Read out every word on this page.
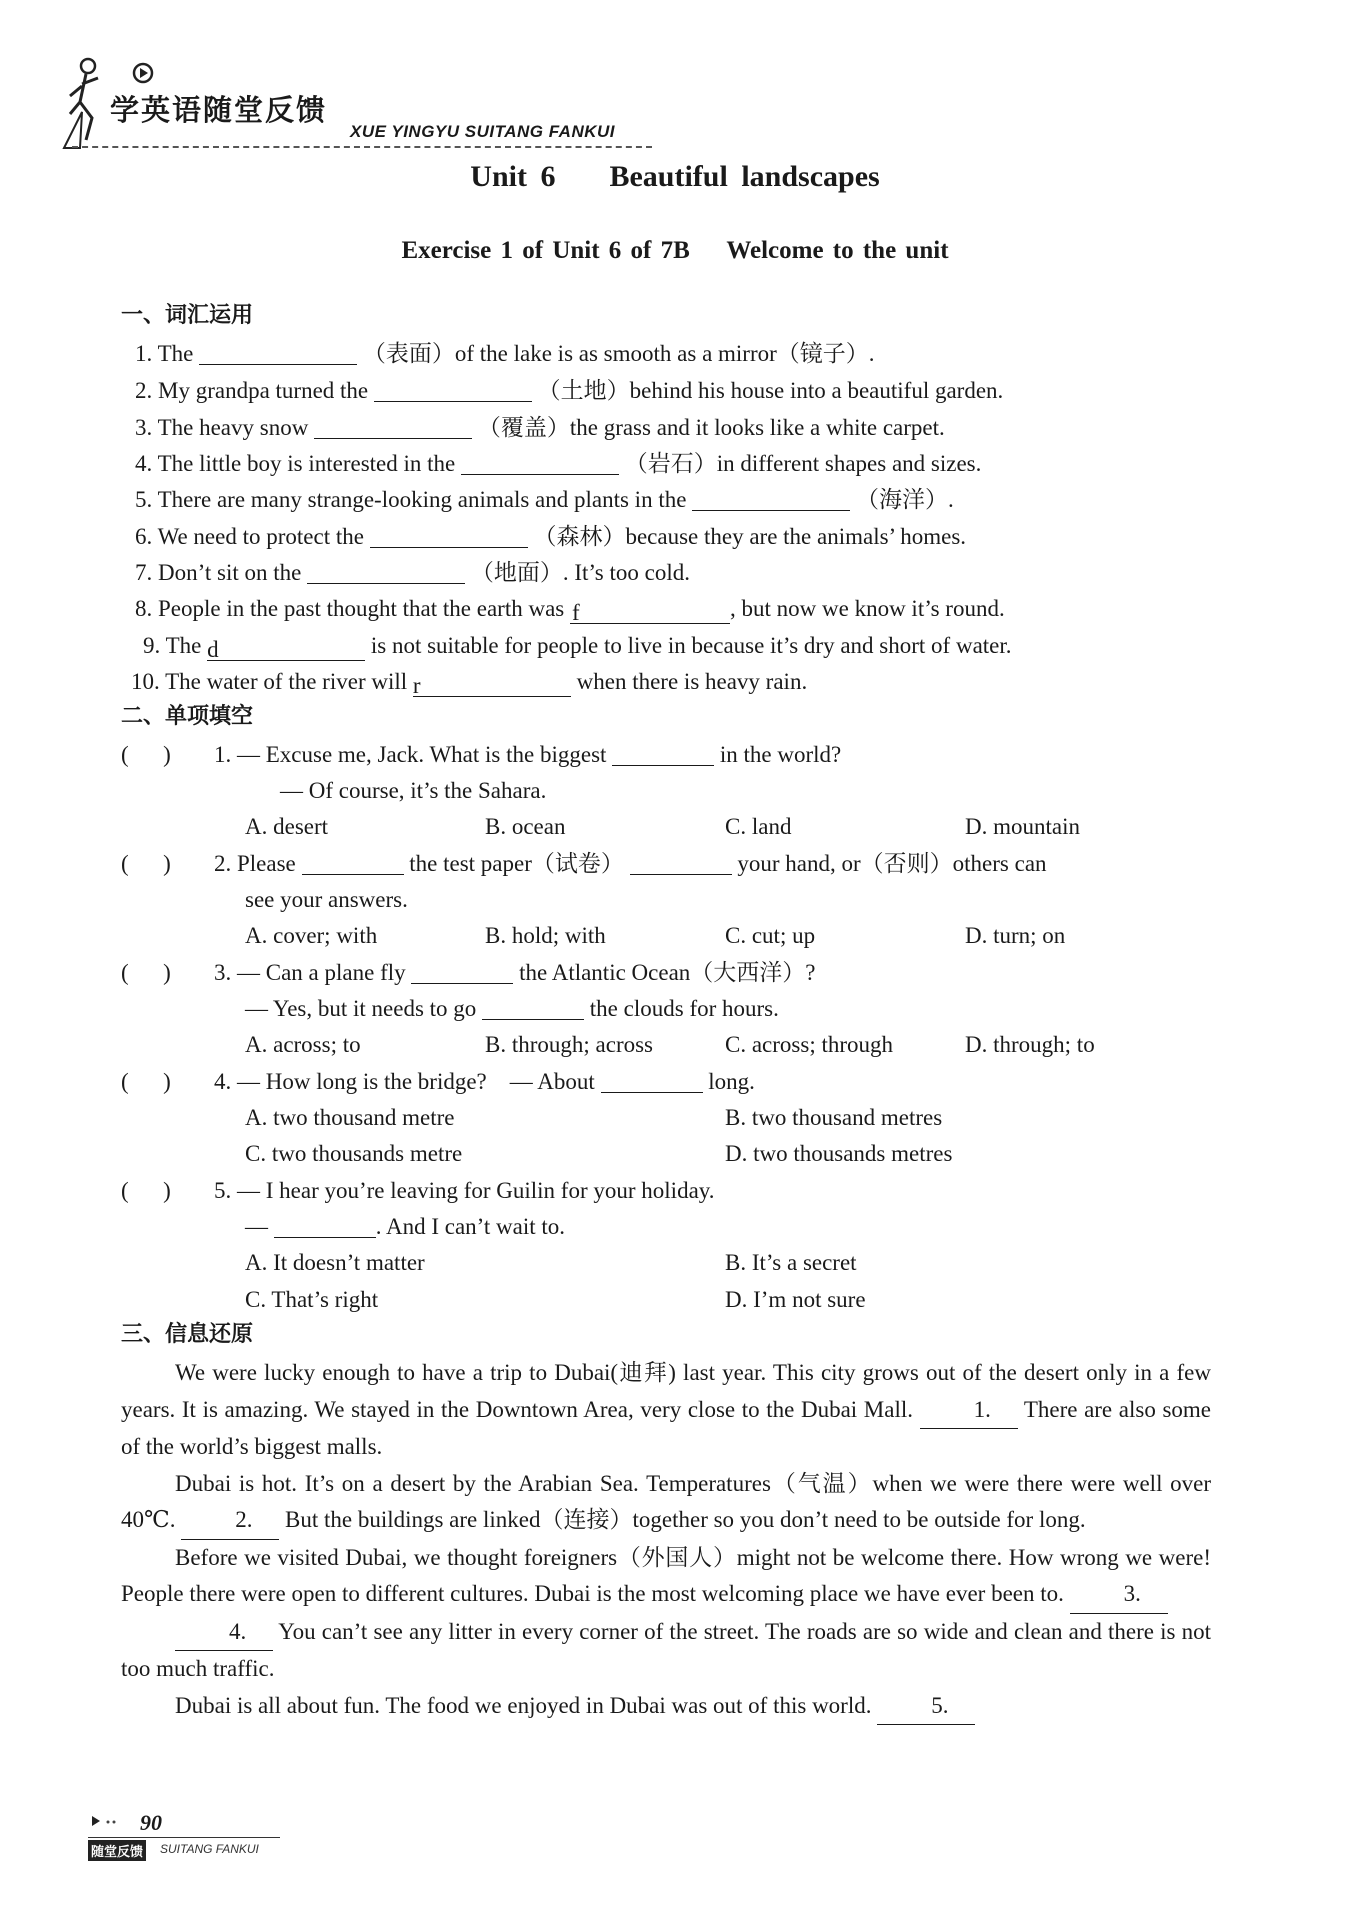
学英语随堂反馈
XUE YINGYU SUITANG FANKUI
Unit 6    Beautiful landscapes
Exercise 1 of Unit 6 of 7B    Welcome to the unit
一、词汇运用
1. The	（表面）of the lake is as smooth as a mirror（镜子）.
2. My grandpa turned the	（土地）behind his house into a beautiful garden.
3. The heavy snow	（覆盖）the grass and it looks like a white carpet.
4. The little boy is interested in the	（岩石）in different shapes and sizes.
5. There are many strange-looking animals and plants in the	（海洋）.
6. We need to protect the	（森林）because they are the animals’ homes.
7. Don’t sit on the	（地面）. It’s too cold.
8. People in the past thought that the earth was f	, but now we know it’s round.
9. The d	is not suitable for people to live in because it’s dry and short of water.
10. The water of the river will r	when there is heavy rain.
二、单项填空
(      ) 1. — Excuse me, Jack. What is the biggest	in the world?
— Of course, it’s the Sahara.
A. desert	B. ocean	C. land	D. mountain
(      ) 2. Please	the test paper（试卷）	your hand, or（否则）others can
see your answers.
A. cover; with	B. hold; with	C. cut; up	D. turn; on
(      ) 3. — Can a plane fly	the Atlantic Ocean（大西洋）?
— Yes, but it needs to go	the clouds for hours.
A. across; to	B. through; across	C. across; through	D. through; to
(      ) 4. — How long is the bridge?    — About	long.
A. two thousand metre	B. two thousand metres
C. two thousands metre	D. two thousands metres
(      ) 5. — I hear you’re leaving for Guilin for your holiday.
—	. And I can’t wait to.
A. It doesn’t matter	B. It’s a secret
C. That’s right	D. I’m not sure
三、信息还原

We were lucky enough to have a trip to Dubai(迪拜) last year. This city grows out of the desert only in a few years. It is amazing. We stayed in the Downtown Area, very close to the Dubai Mall. 1. There are also some of the world’s biggest malls.

Dubai is hot. It’s on a desert by the Arabian Sea. Temperatures（气温）when we were there were well over 40℃. 2. But the buildings are linked（连接）together so you don’t need to be outside for long.

Before we visited Dubai, we thought foreigners（外国人）might not be welcome there. How wrong we were! People there were open to different cultures. Dubai is the most welcoming place we have ever been to. 3.

4. You can’t see any litter in every corner of the street. The roads are so wide and clean and there is not too much traffic.

Dubai is all about fun. The food we enjoyed in Dubai was out of this world. 5.

90
随堂反馈 SUITANG FANKUI
